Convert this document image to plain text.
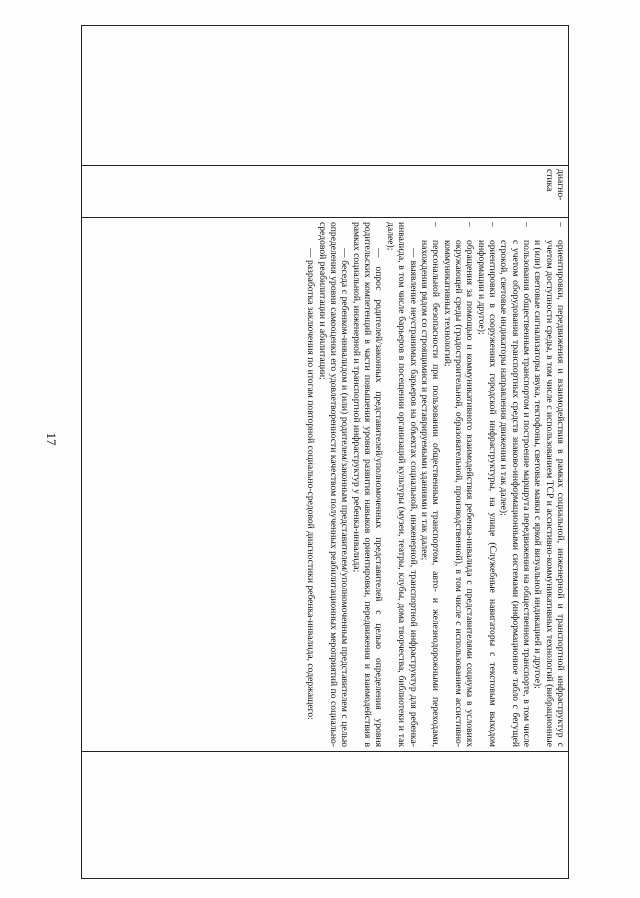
17

диагно-
стика

–
ориентировки, передвижения и взаимодействия в рамках социальной, инженерной и транспортной инфраструктур с учетом доступности среды, в том числе с использованием ТСР и ассистивно-коммуникативных технологий (вибрационные и (или) световые сигнализаторы звука, тектофоны, световые маяки с яркой визуальной индикацией и другое);
–
пользования общественным транспортом и построение маршрута передвижения на общественном транспорте, в том числе с учетом оборудования транспортных средств знаково-информационными системами (информационное табло с бегущей строкой, световые индикаторы направления движения и так далее);
–
ориентировки в сооружениях городской инфраструктуры, на улице (Служебные навигаторы с текстовым выходом информации и другое);
–
обращения за помощью и коммуникативного взаимодействия ребенка-инвалида с представителями социума в условиях окружающей среды (градостроительной, образовательной, производственной), в том числе с использованием ассистивно-коммуникативных технологий;
–
персональной безопасности при пользовании общественным транспортом, авто- и железнодорожными переходами, нахождения рядом со строящимися и реставрируемыми зданиями и так далее;

— выявление неустранимых барьеров на объектах социальной, инженерной, транспортной инфраструктур для ребенка-инвалида, в том числе барьеров в посещении организаций культуры (музеи, театры, клубы, дома творчества, библиотеки и так далее);

— опрос родителей/законных представителей/уполномоченных представителей с целью определения уровня родительских компетенций в части повышения уровня развития навыков ориентировки, передвижения и взаимодействия в рамках социальной, инженерной и транспортной инфраструктур у ребенка-инвалида;

— беседа с ребенком-инвалидом и (или) родителем/законным представителем/уполномоченным представителем с целью определения уровня самооценки его удовлетворенности качеством полученных реабилитационных мероприятий по социально-средовой реабилитации и абилитации;

— разработка заключения по итогам повторной социально-средовой диагностики ребенка-инвалида, содержащего:
